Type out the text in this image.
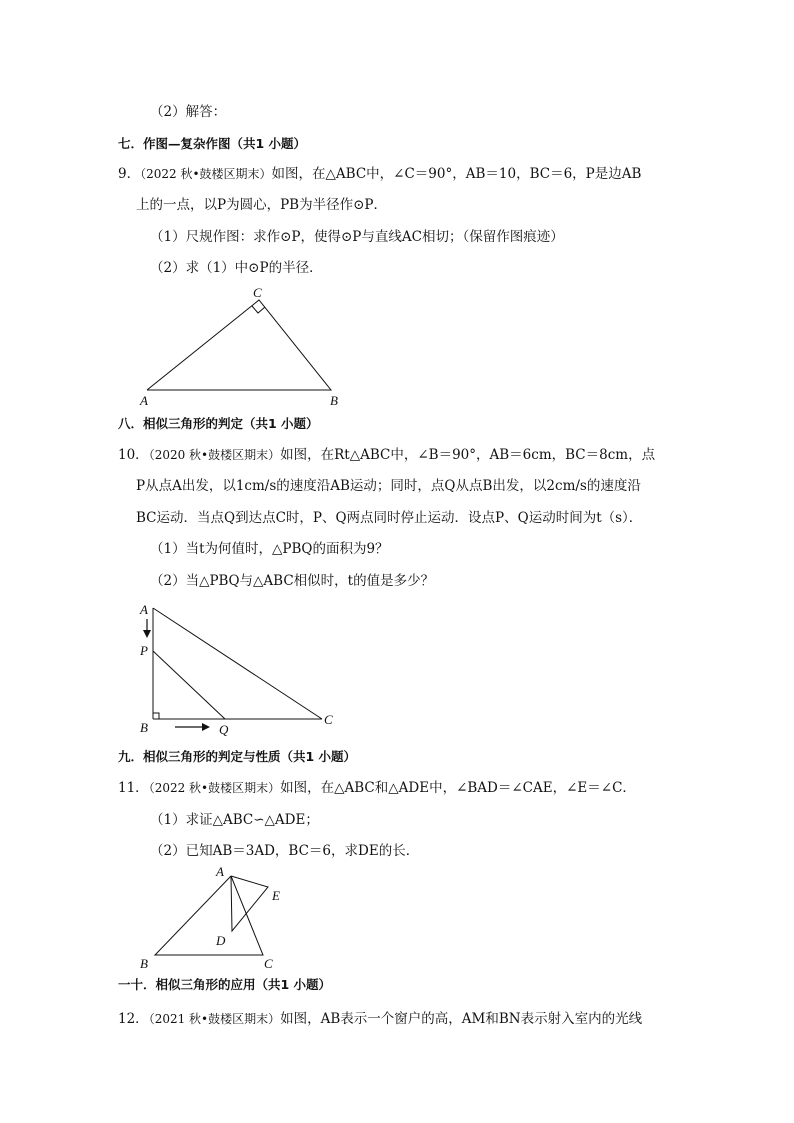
（2）解答：
七．作图—复杂作图（共1 小题）
9．（2022 秋•鼓楼区期末）如图，在△ABC中，∠C＝90°，AB＝10，BC＝6，P是边AB
上的一点，以P为圆心，PB为半径作⊙P．
（1）尺规作图：求作⊙P，使得⊙P与直线AC相切；（保留作图痕迹）
（2）求（1）中⊙P的半径．
八．相似三角形的判定（共1 小题）
10．（2020 秋•鼓楼区期末）如图，在Rt△ABC中，∠B＝90°，AB＝6cm，BC＝8cm，点
P从点A出发，以1cm/s的速度沿AB运动；同时，点Q从点B出发，以2cm/s的速度沿
BC运动．当点Q到达点C时，P、Q两点同时停止运动．设点P、Q运动时间为t（s）．
（1）当t为何值时，△PBQ的面积为9？
（2）当△PBQ与△ABC相似时，t的值是多少？
九．相似三角形的判定与性质（共1 小题）
11．（2022 秋•鼓楼区期末）如图，在△ABC和△ADE中，∠BAD＝∠CAE，∠E＝∠C．
（1）求证△ABC∽△ADE；
（2）已知AB＝3AD，BC＝6，求DE的长．
一十．相似三角形的应用（共1 小题）
12．（2021 秋•鼓楼区期末）如图，AB表示一个窗户的高，AM和BN表示射入室内的光线
C
A	B
A
P
B	Q
C
A
E
D
B	C
